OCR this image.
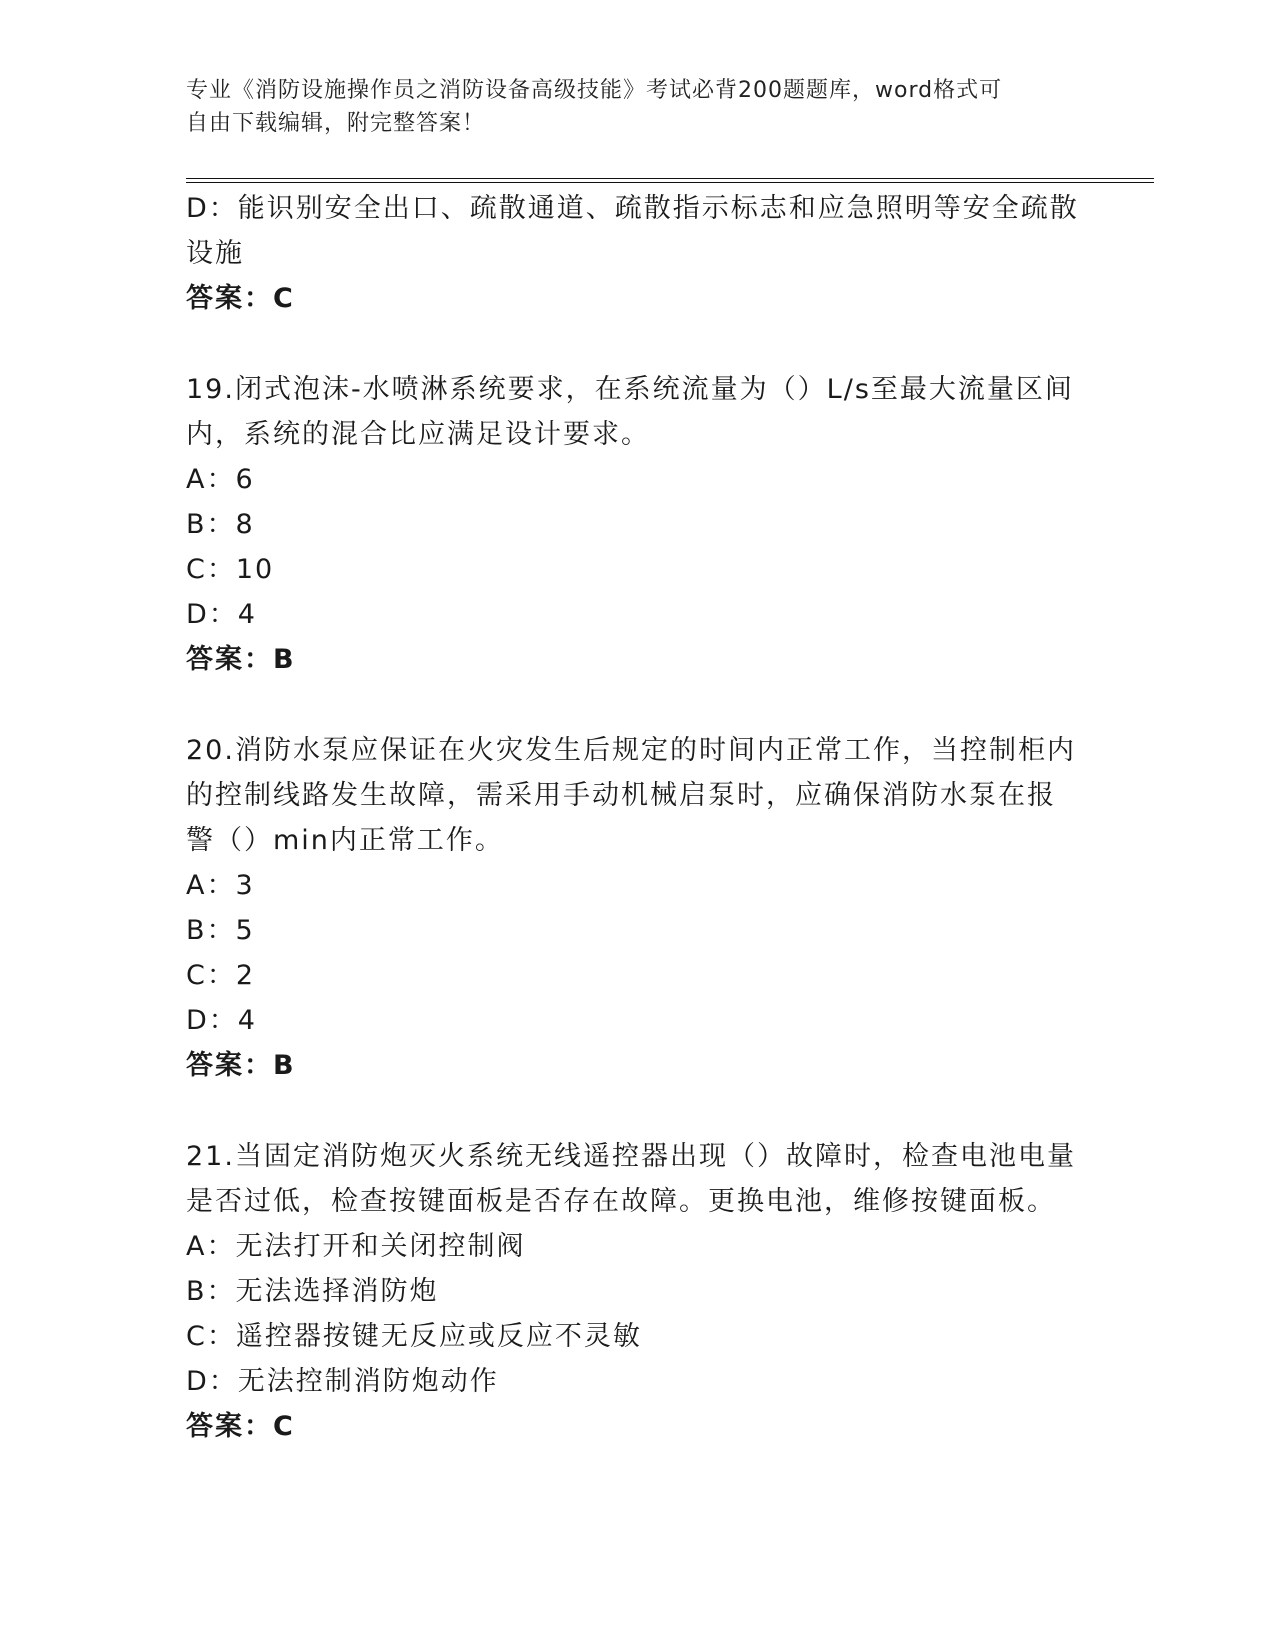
专业《消防设施操作员之消防设备高级技能》考试必背200题题库，word格式可
自由下载编辑，附完整答案！
D：能识别安全出口、疏散通道、疏散指示标志和应急照明等安全疏散
设施
答案：C
19.闭式泡沫-水喷淋系统要求，在系统流量为（）L/s至最大流量区间
内，系统的混合比应满足设计要求。
A：6
B：8
C：10
D：4
答案：B
20.消防水泵应保证在火灾发生后规定的时间内正常工作，当控制柜内
的控制线路发生故障，需采用手动机械启泵时，应确保消防水泵在报
警（）min内正常工作。
A：3
B：5
C：2
D：4
答案：B
21.当固定消防炮灭火系统无线遥控器出现（）故障时，检查电池电量
是否过低，检查按键面板是否存在故障。更换电池，维修按键面板。
A：无法打开和关闭控制阀
B：无法选择消防炮
C：遥控器按键无反应或反应不灵敏
D：无法控制消防炮动作
答案：C
